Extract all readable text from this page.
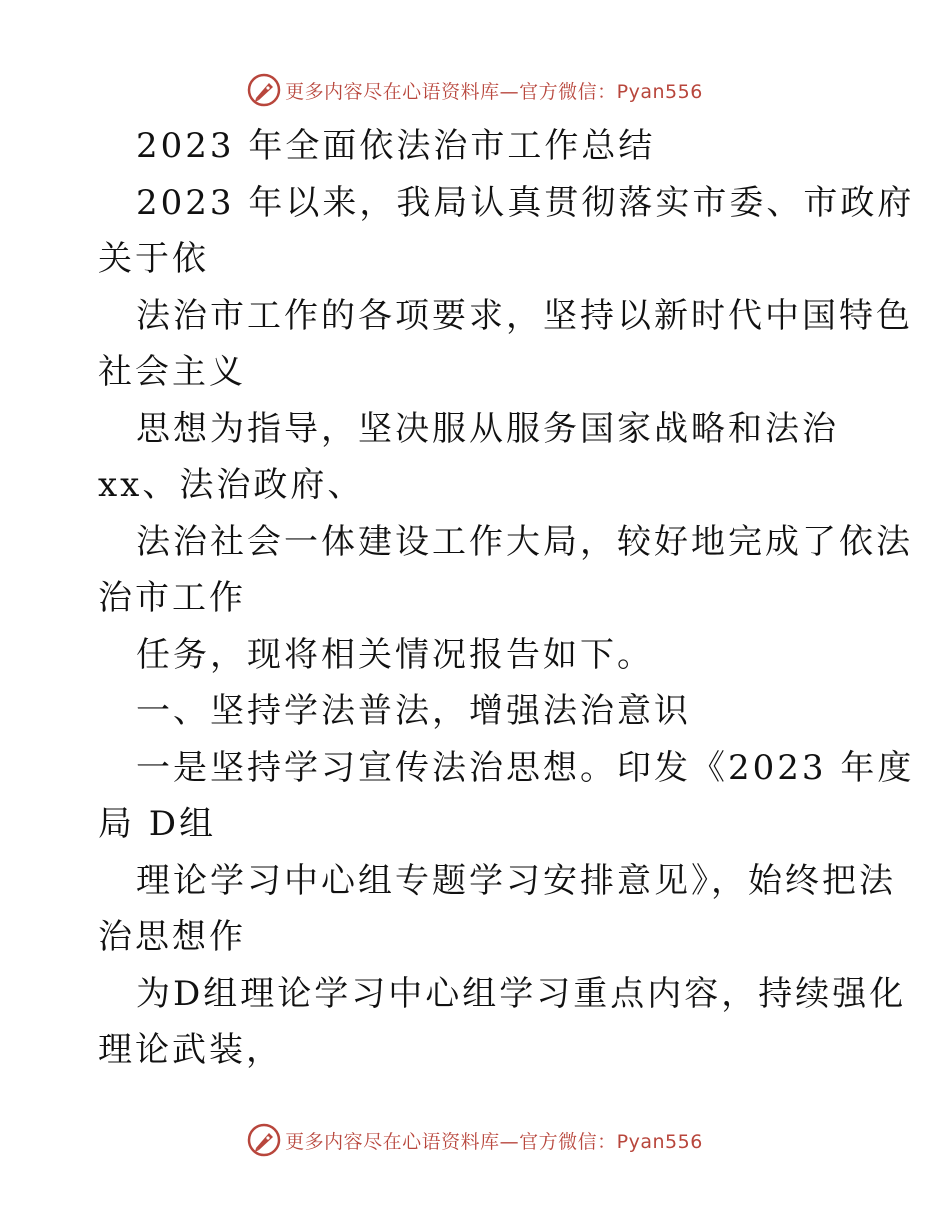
更多内容尽在心语资料库—官方微信：Pyan556
2023 年全面依法治市工作总结
2023 年以来，我局认真贯彻落实市委、市政府
关于依
法治市工作的各项要求，坚持以新时代中国特色
社会主义
思想为指导，坚决服从服务国家战略和法治
xx、法治政府、
法治社会一体建设工作大局，较好地完成了依法
治市工作
任务，现将相关情况报告如下。
一、坚持学法普法，增强法治意识
一是坚持学习宣传法治思想。印发《2023 年度
局 D组
理论学习中心组专题学习安排意见》，始终把法
治思想作
为D组理论学习中心组学习重点内容，持续强化
理论武装，
更多内容尽在心语资料库—官方微信：Pyan556
